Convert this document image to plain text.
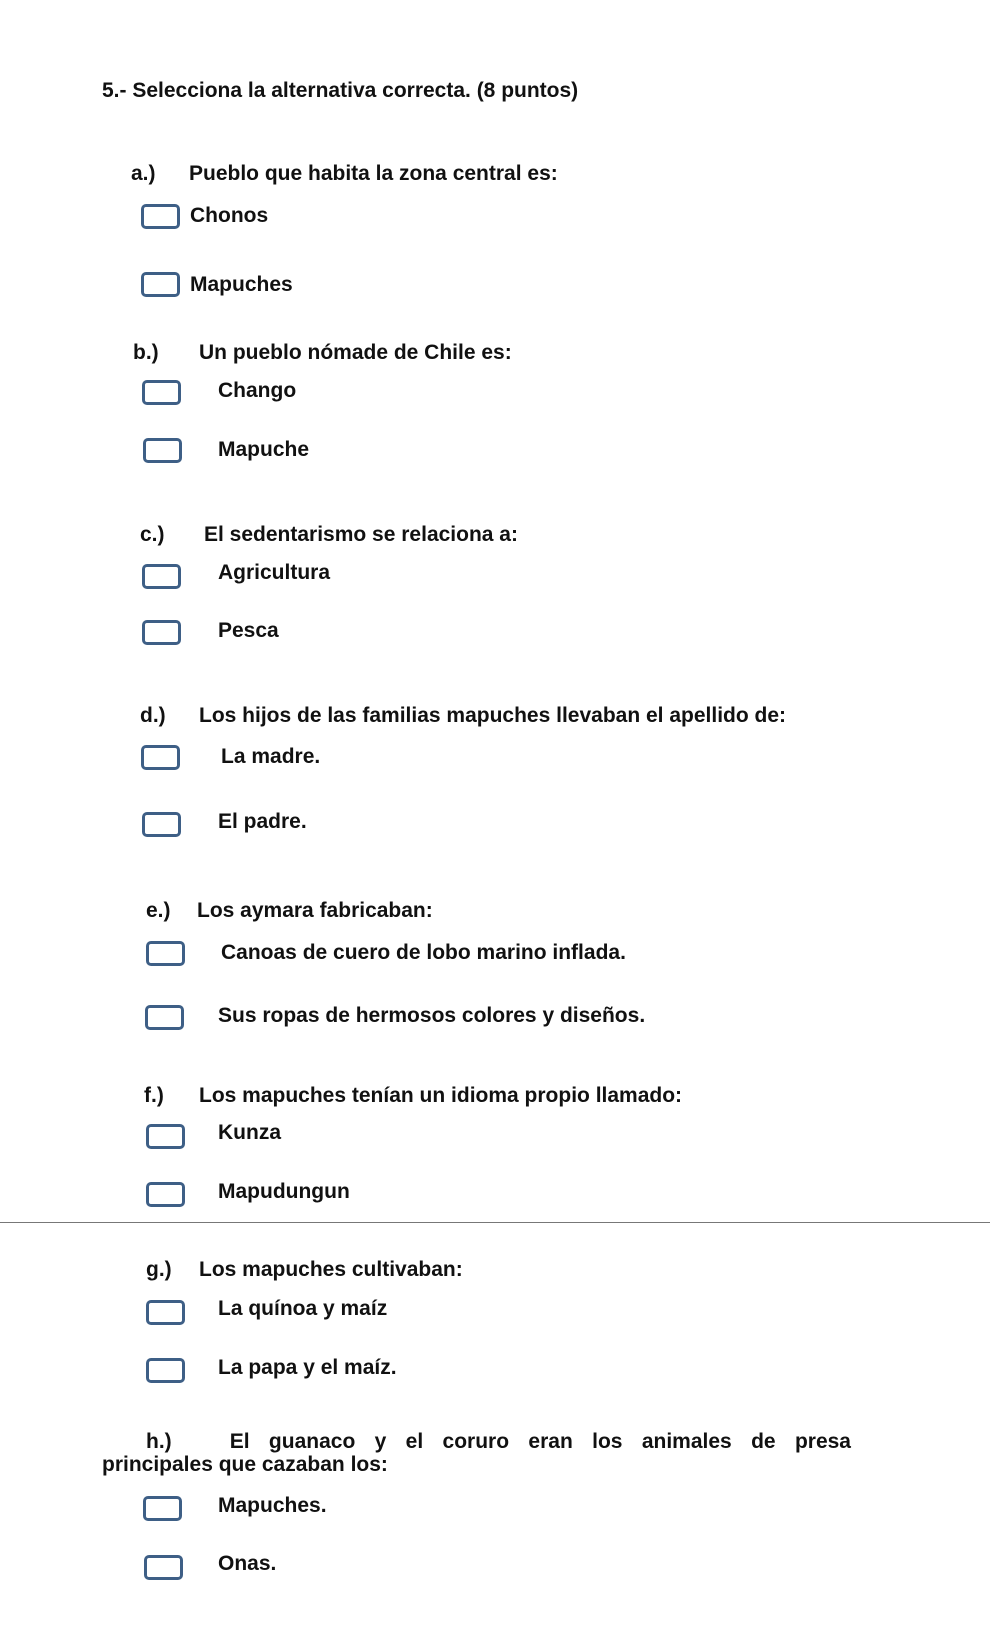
5.- Selecciona la alternativa correcta. (8 puntos)
a.) Pueblo que habita la zona central es:
Chonos
Mapuches
b.) Un pueblo nómade de Chile es:
Chango
Mapuche
c.) El sedentarismo se relaciona a:
Agricultura
Pesca
d.) Los hijos de las familias mapuches llevaban el apellido de:
La madre.
El padre.
e.) Los aymara fabricaban:
Canoas de cuero de lobo marino inflada.
Sus ropas de hermosos colores y diseños.
f.) Los mapuches tenían un idioma propio llamado:
Kunza
Mapudungun
g.) Los mapuches cultivaban:
La quínoa y maíz
La papa y el maíz.
h.)	El guanaco y el coruro eran los animales de presa
principales que cazaban los:
Mapuches.
Onas.
